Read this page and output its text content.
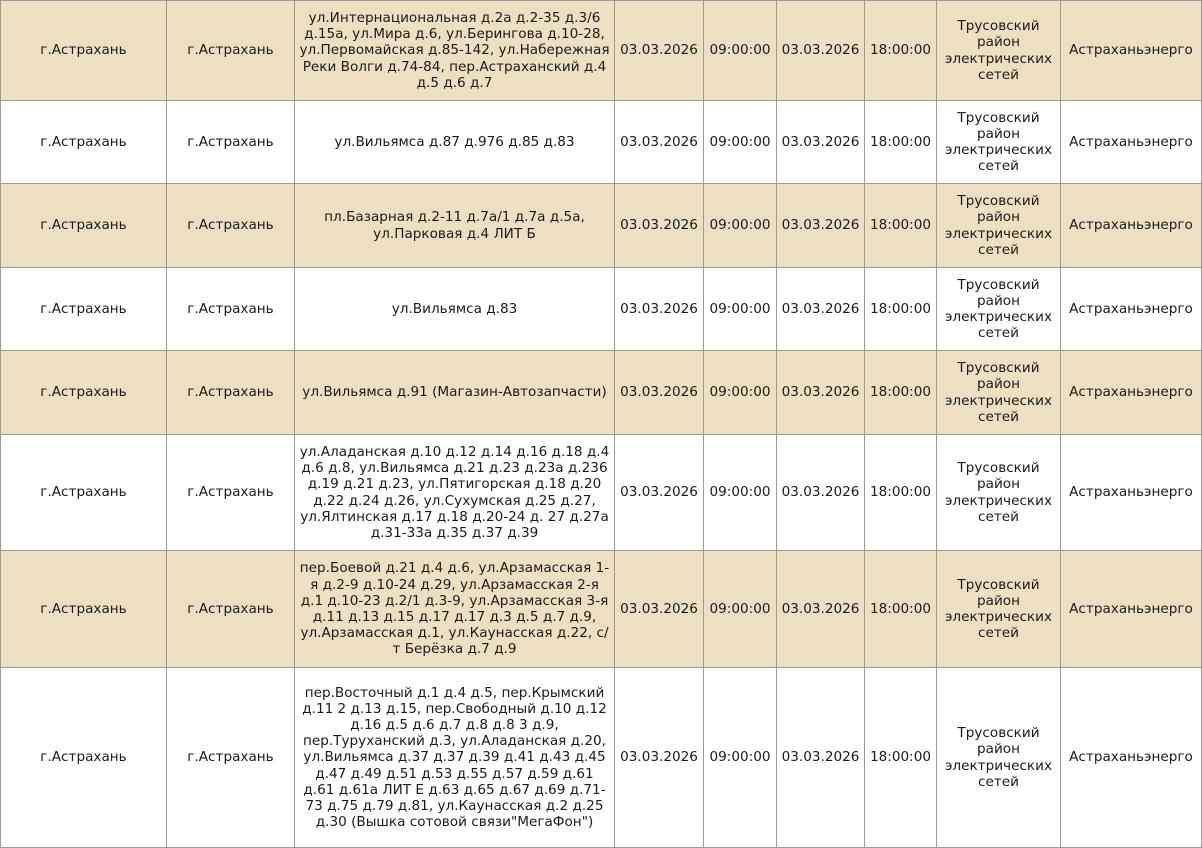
г.Астрахань	г.Астрахань	ул.Интернациональная д.2а д.2-35 д.3/6 д.15а, ул.Мира д.6, ул.Берингова д.10-28, ул.Первомайская д.85-142, ул.Набережная Реки Волги д.74-84, пер.Астраханский д.4 д.5 д.6 д.7	03.03.2026	09:00:00	03.03.2026	18:00:00	Трусовский район электрических сетей	Астраханьэнерго
г.Астрахань	г.Астрахань	ул.Вильямса д.87 д.976 д.85 д.83	03.03.2026	09:00:00	03.03.2026	18:00:00	Трусовский район электрических сетей	Астраханьэнерго
г.Астрахань	г.Астрахань	пл.Базарная д.2-11 д.7а/1 д.7а д.5а, ул.Парковая д.4 ЛИТ Б	03.03.2026	09:00:00	03.03.2026	18:00:00	Трусовский район электрических сетей	Астраханьэнерго
г.Астрахань	г.Астрахань	ул.Вильямса д.83	03.03.2026	09:00:00	03.03.2026	18:00:00	Трусовский район электрических сетей	Астраханьэнерго
г.Астрахань	г.Астрахань	ул.Вильямса д.91 (Магазин-Автозапчасти)	03.03.2026	09:00:00	03.03.2026	18:00:00	Трусовский район электрических сетей	Астраханьэнерго
г.Астрахань	г.Астрахань	ул.Аладанская д.10 д.12 д.14 д.16 д.18 д.4 д.6 д.8, ул.Вильямса д.21 д.23 д.23а д.236 д.19 д.21 д.23, ул.Пятигорская д.18 д.20 д.22 д.24 д.26, ул.Сухумская д.25 д.27, ул.Ялтинская д.17 д.18 д.20-24 д. 27 д.27а д.31-33а д.35 д.37 д.39	03.03.2026	09:00:00	03.03.2026	18:00:00	Трусовский район электрических сетей	Астраханьэнерго
г.Астрахань	г.Астрахань	пер.Боевой д.21 д.4 д.6, ул.Арзамасская 1-я д.2-9 д.10-24 д.29, ул.Арзамасская 2-я д.1 д.10-23 д.2/1 д.3-9, ул.Арзамасская 3-я д.11 д.13 д.15 д.17 д.17 д.3 д.5 д.7 д.9, ул.Арзамасская д.1, ул.Каунасская д.22, с/т Берёзка д.7 д.9	03.03.2026	09:00:00	03.03.2026	18:00:00	Трусовский район электрических сетей	Астраханьэнерго
г.Астрахань	г.Астрахань	пер.Восточный д.1 д.4 д.5, пер.Крымский д.11 2 д.13 д.15, пер.Свободный д.10 д.12 д.16 д.5 д.6 д.7 д.8 д.8 3 д.9, пер.Туруханский д.3, ул.Аладанская д.20, ул.Вильямса д.37 д.37 д.39 д.41 д.43 д.45 д.47 д.49 д.51 д.53 д.55 д.57 д.59 д.61 д.61 д.61а ЛИТ Е д.63 д.65 д.67 д.69 д.71-73 д.75 д.79 д.81, ул.Каунасская д.2 д.25 д.30 (Вышка сотовой связи"МегаФон")	03.03.2026	09:00:00	03.03.2026	18:00:00	Трусовский район электрических сетей	Астраханьэнерго
